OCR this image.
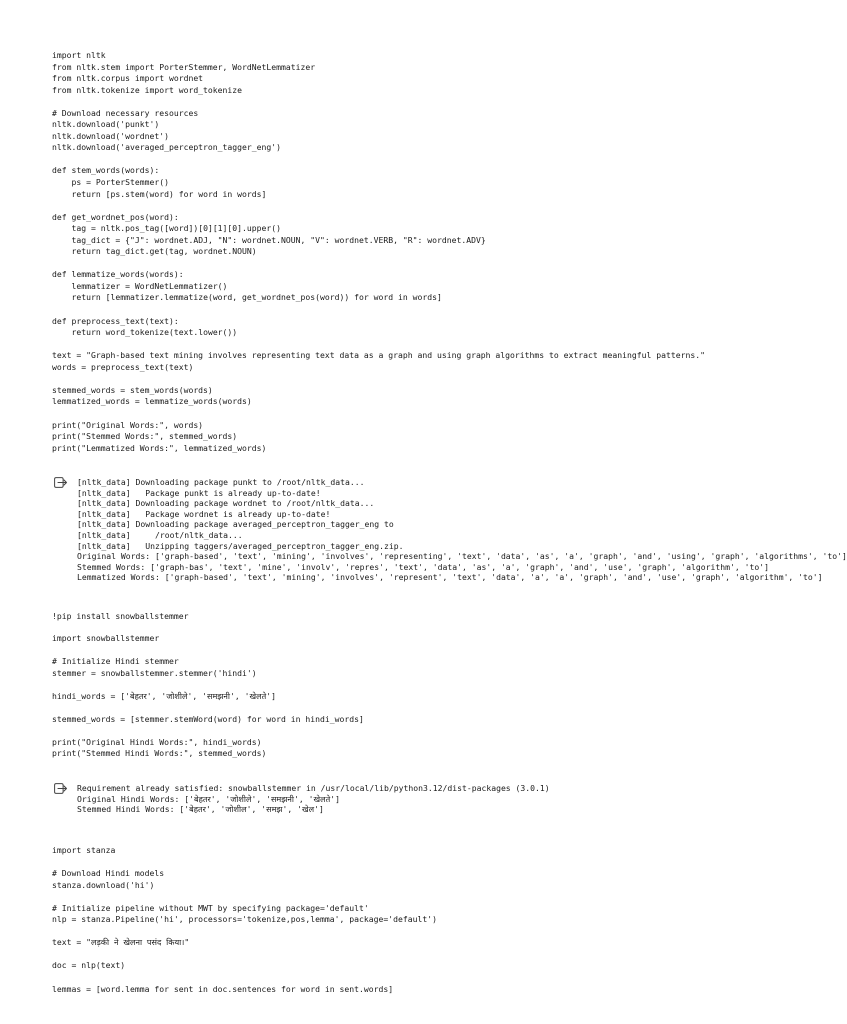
import nltk
from nltk.stem import PorterStemmer, WordNetLemmatizer
from nltk.corpus import wordnet
from nltk.tokenize import word_tokenize
# Download necessary resources
nltk.download('punkt')
nltk.download('wordnet')
nltk.download('averaged_perceptron_tagger_eng')
def stem_words(words):
ps = PorterStemmer()
return [ps.stem(word) for word in words]
def get_wordnet_pos(word):
tag = nltk.pos_tag([word])[0][1][0].upper()
tag_dict = {"J": wordnet.ADJ, "N": wordnet.NOUN, "V": wordnet.VERB, "R": wordnet.ADV}
return tag_dict.get(tag, wordnet.NOUN)
def lemmatize_words(words):
lemmatizer = WordNetLemmatizer()
return [lemmatizer.lemmatize(word, get_wordnet_pos(word)) for word in words]
def preprocess_text(text):
return word_tokenize(text.lower())
text = "Graph-based text mining involves representing text data as a graph and using graph algorithms to extract meaningful patterns."
words = preprocess_text(text)
stemmed_words = stem_words(words)
lemmatized_words = lemmatize_words(words)
print("Original Words:", words)
print("Stemmed Words:", stemmed_words)
print("Lemmatized Words:", lemmatized_words)
[nltk_data] Downloading package punkt to /root/nltk_data...
[nltk_data]   Package punkt is already up-to-date!
[nltk_data] Downloading package wordnet to /root/nltk_data...
[nltk_data]   Package wordnet is already up-to-date!
[nltk_data] Downloading package averaged_perceptron_tagger_eng to
[nltk_data]     /root/nltk_data...
[nltk_data]   Unzipping taggers/averaged_perceptron_tagger_eng.zip.
Original Words: ['graph-based', 'text', 'mining', 'involves', 'representing', 'text', 'data', 'as', 'a', 'graph', 'and', 'using', 'graph', 'algorithms', 'to']
Stemmed Words: ['graph-bas', 'text', 'mine', 'involv', 'repres', 'text', 'data', 'as', 'a', 'graph', 'and', 'use', 'graph', 'algorithm', 'to']
Lemmatized Words: ['graph-based', 'text', 'mining', 'involves', 'represent', 'text', 'data', 'a', 'a', 'graph', 'and', 'use', 'graph', 'algorithm', 'to']
!pip install snowballstemmer
import snowballstemmer
# Initialize Hindi stemmer
stemmer = snowballstemmer.stemmer('hindi')
hindi_words = ['बेहतर', 'जोशीले', 'समझनी', 'खेलते']
stemmed_words = [stemmer.stemWord(word) for word in hindi_words]
print("Original Hindi Words:", hindi_words)
print("Stemmed Hindi Words:", stemmed_words)
Requirement already satisfied: snowballstemmer in /usr/local/lib/python3.12/dist-packages (3.0.1)
Original Hindi Words: ['बेहतर', 'जोशीले', 'समझनी', 'खेलते']
Stemmed Hindi Words: ['बेहतर', 'जोशील', 'समझ', 'खेल']
import stanza
# Download Hindi models
stanza.download('hi')
# Initialize pipeline without MWT by specifying package='default'
nlp = stanza.Pipeline('hi', processors='tokenize,pos,lemma', package='default')
text = "लड़की ने खेलना पसंद किया।"
doc = nlp(text)
lemmas = [word.lemma for sent in doc.sentences for word in sent.words]
